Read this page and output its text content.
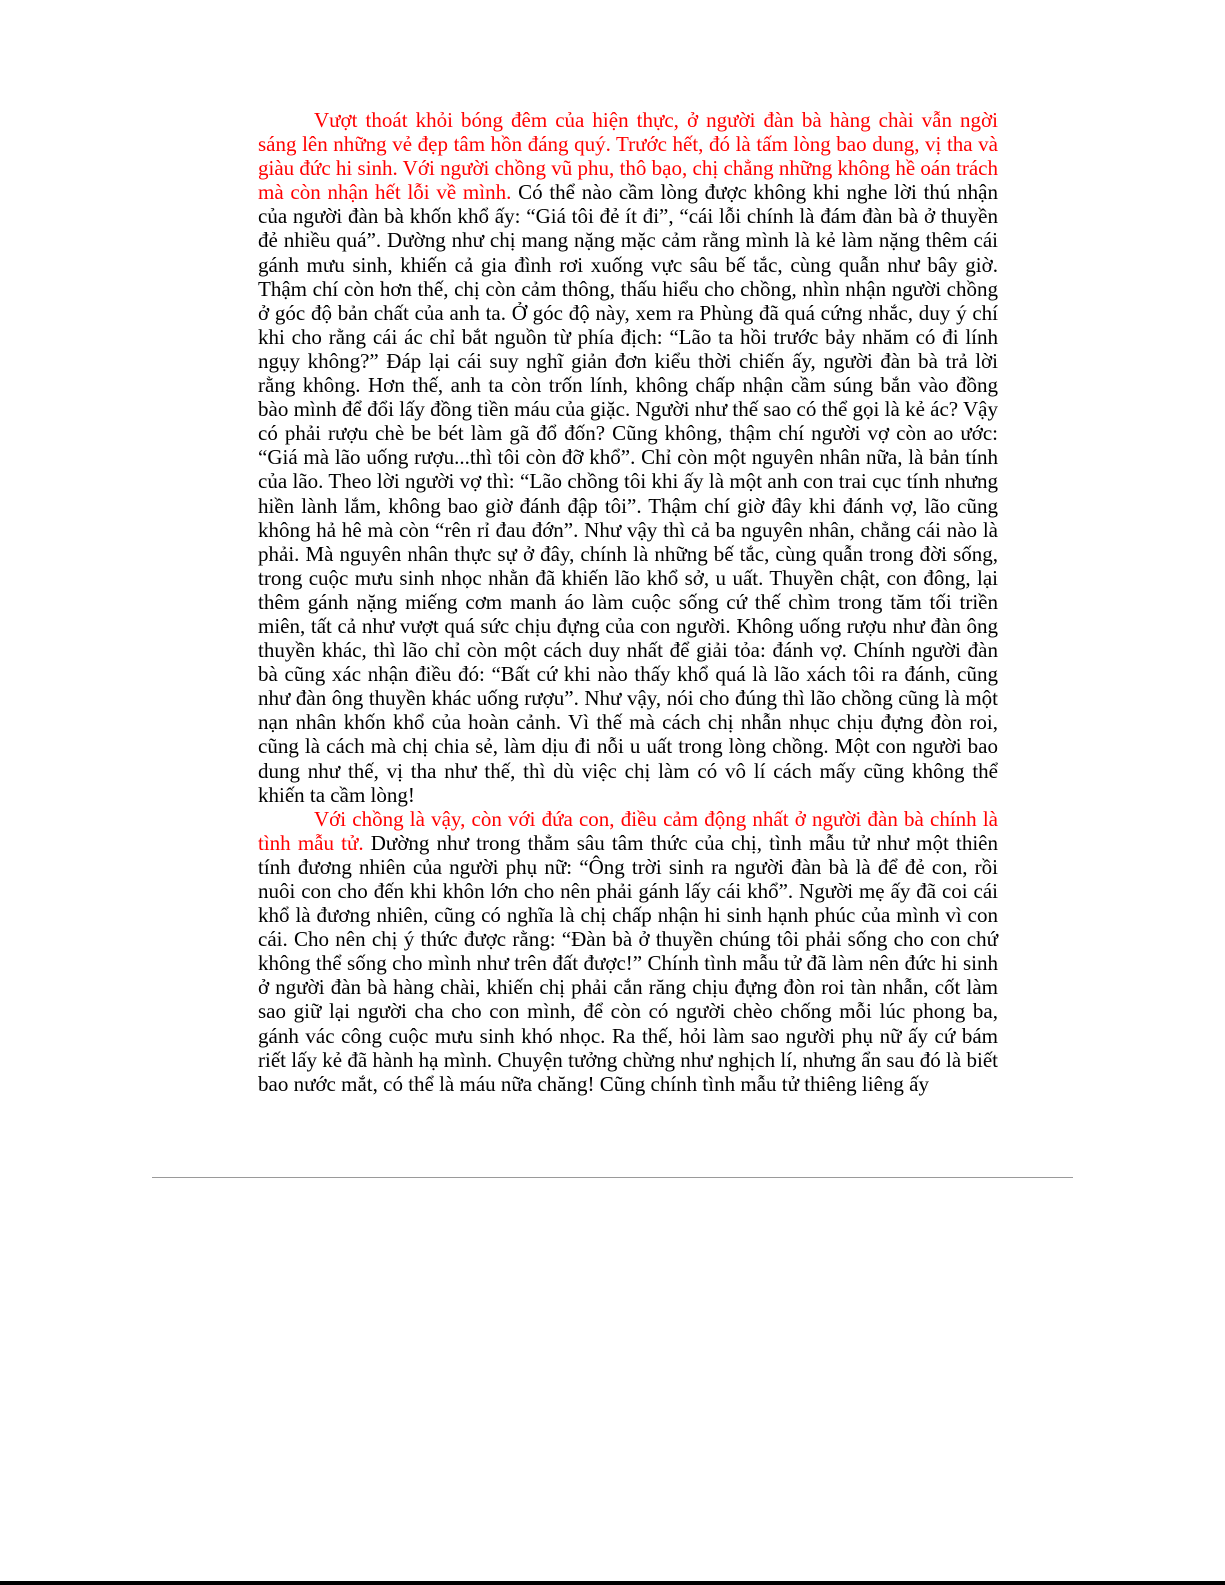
Vượt thoát khỏi bóng đêm của hiện thực, ở người đàn bà hàng chài vẫn ngời sáng lên những vẻ đẹp tâm hồn đáng quý. Trước hết, đó là tấm lòng bao dung, vị tha và giàu đức hi sinh. Với người chồng vũ phu, thô bạo, chị chẳng những không hề oán trách mà còn nhận hết lỗi về mình. Có thể nào cầm lòng được không khi nghe lời thú nhận của người đàn bà khốn khổ ấy: “Giá tôi đẻ ít đi”, “cái lỗi chính là đám đàn bà ở thuyền đẻ nhiều quá”. Dường như chị mang nặng mặc cảm rằng mình là kẻ làm nặng thêm cái gánh mưu sinh, khiến cả gia đình rơi xuống vực sâu bế tắc, cùng quẫn như bây giờ. Thậm chí còn hơn thế, chị còn cảm thông, thấu hiểu cho chồng, nhìn nhận người chồng ở góc độ bản chất của anh ta. Ở góc độ này, xem ra Phùng đã quá cứng nhắc, duy ý chí khi cho rằng cái ác chỉ bắt nguồn từ phía địch: “Lão ta hồi trước bảy nhăm có đi lính ngụy không?” Đáp lại cái suy nghĩ giản đơn kiểu thời chiến ấy, người đàn bà trả lời rằng không. Hơn thế, anh ta còn trốn lính, không chấp nhận cầm súng bắn vào đồng bào mình để đổi lấy đồng tiền máu của giặc. Người như thế sao có thể gọi là kẻ ác? Vậy có phải rượu chè be bét làm gã đổ đốn? Cũng không, thậm chí người vợ còn ao ước: “Giá mà lão uống rượu...thì tôi còn đỡ khổ”. Chỉ còn một nguyên nhân nữa, là bản tính của lão. Theo lời người vợ thì: “Lão chồng tôi khi ấy là một anh con trai cục tính nhưng hiền lành lắm, không bao giờ đánh đập tôi”. Thậm chí giờ đây khi đánh vợ, lão cũng không hả hê mà còn “rên rỉ đau đớn”. Như vậy thì cả ba nguyên nhân, chẳng cái nào là phải. Mà nguyên nhân thực sự ở đây, chính là những bế tắc, cùng quẫn trong đời sống, trong cuộc mưu sinh nhọc nhằn đã khiến lão khổ sở, u uất. Thuyền chật, con đông, lại thêm gánh nặng miếng cơm manh áo làm cuộc sống cứ thế chìm trong tăm tối triền miên, tất cả như vượt quá sức chịu đựng của con người. Không uống rượu như đàn ông thuyền khác, thì lão chỉ còn một cách duy nhất để giải tỏa: đánh vợ. Chính người đàn bà cũng xác nhận điều đó: “Bất cứ khi nào thấy khổ quá là lão xách tôi ra đánh, cũng như đàn ông thuyền khác uống rượu”. Như vậy, nói cho đúng thì lão chồng cũng là một nạn nhân khốn khổ của hoàn cảnh. Vì thế mà cách chị nhẫn nhục chịu đựng đòn roi, cũng là cách mà chị chia sẻ, làm dịu đi nỗi u uất trong lòng chồng. Một con người bao dung như thế, vị tha như thế, thì dù việc chị làm có vô lí cách mấy cũng không thể khiến ta cầm lòng!

Với chồng là vậy, còn với đứa con, điều cảm động nhất ở người đàn bà chính là tình mẫu tử. Dường như trong thẳm sâu tâm thức của chị, tình mẫu tử như một thiên tính đương nhiên của người phụ nữ: “Ông trời sinh ra người đàn bà là để đẻ con, rồi nuôi con cho đến khi khôn lớn cho nên phải gánh lấy cái khổ”. Người mẹ ấy đã coi cái khổ là đương nhiên, cũng có nghĩa là chị chấp nhận hi sinh hạnh phúc của mình vì con cái. Cho nên chị ý thức được rằng: “Đàn bà ở thuyền chúng tôi phải sống cho con chứ không thể sống cho mình như trên đất được!” Chính tình mẫu tử đã làm nên đức hi sinh ở người đàn bà hàng chài, khiến chị phải cắn răng chịu đựng đòn roi tàn nhẫn, cốt làm sao giữ lại người cha cho con mình, để còn có người chèo chống mỗi lúc phong ba, gánh vác công cuộc mưu sinh khó nhọc. Ra thế, hỏi làm sao người phụ nữ ấy cứ bám riết lấy kẻ đã hành hạ mình. Chuyện tưởng chừng như nghịch lí, nhưng ẩn sau đó là biết bao nước mắt, có thể là máu nữa chăng! Cũng chính tình mẫu tử thiêng liêng ấy
